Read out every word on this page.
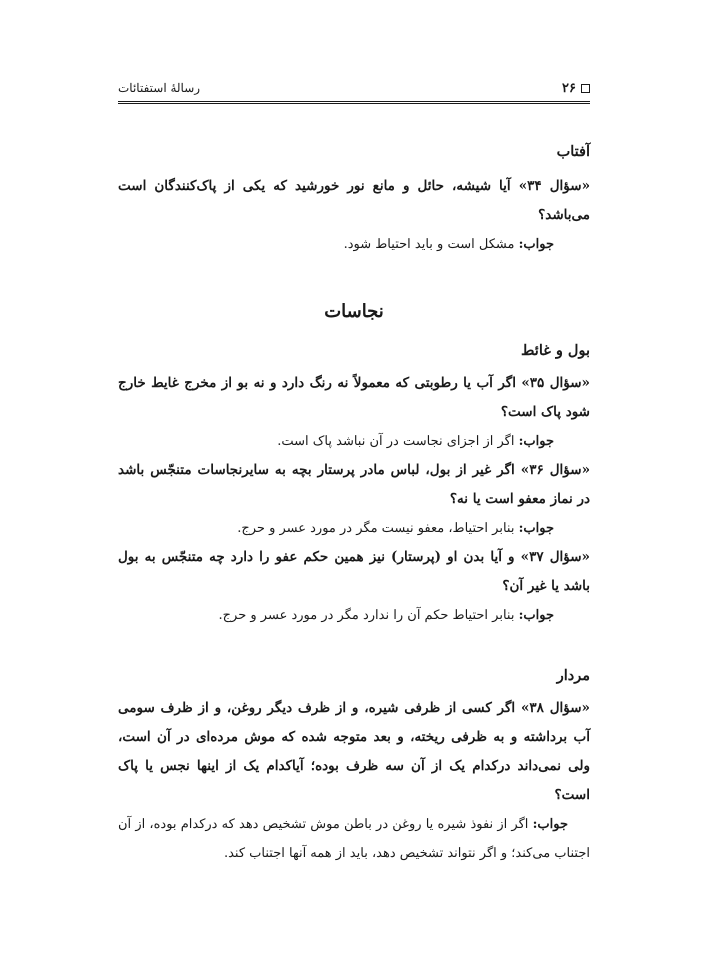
۲۶
رسالهٔ استفتائات

آفتاب

«سؤال ۳۴» آیا شیشه، حائل و مانع نور خورشید که یکی از پاک‌کنندگان است می‌باشد؟

جواب: مشکل است و باید احتیاط شود.

نجاسات

بول و غائط

«سؤال ۳۵» اگر آب یا رطوبتی که معمولاً نه رنگ دارد و نه بو از مخرج غایط خارج شود پاک است؟

جواب: اگر از اجزای نجاست در آن نباشد پاک است.

«سؤال ۳۶» اگر غیر از بول، لباس مادر پرستار بچه به سایرنجاسات متنجّس باشد در نماز معفو است یا نه؟

جواب: بنابر احتیاط، معفو نیست مگر در مورد عسر و حرج.

«سؤال ۳۷» و آیا بدن او (پرستار) نیز همین حکم عفو را دارد چه متنجّس به بول باشد یا غیر آن؟

جواب: بنابر احتیاط حکم آن را ندارد مگر در مورد عسر و حرج.

مردار

«سؤال ۳۸» اگر کسی از ظرفی شیره، و از ظرف دیگر روغن، و از ظرف سومی آب برداشته و به ظرفی ریخته، و بعد متوجه شده که موش مرده‌ای در آن است، ولی نمی‌داند درکدام یک از آن سه ظرف بوده؛ آیاکدام یک از اینها نجس یا پاک است؟

جواب: اگر از نفوذ شیره یا روغن در باطن موش تشخیص دهد که درکدام بوده، از آن اجتناب می‌کند؛ و اگر نتواند تشخیص دهد، باید از همه آنها اجتناب کند.
